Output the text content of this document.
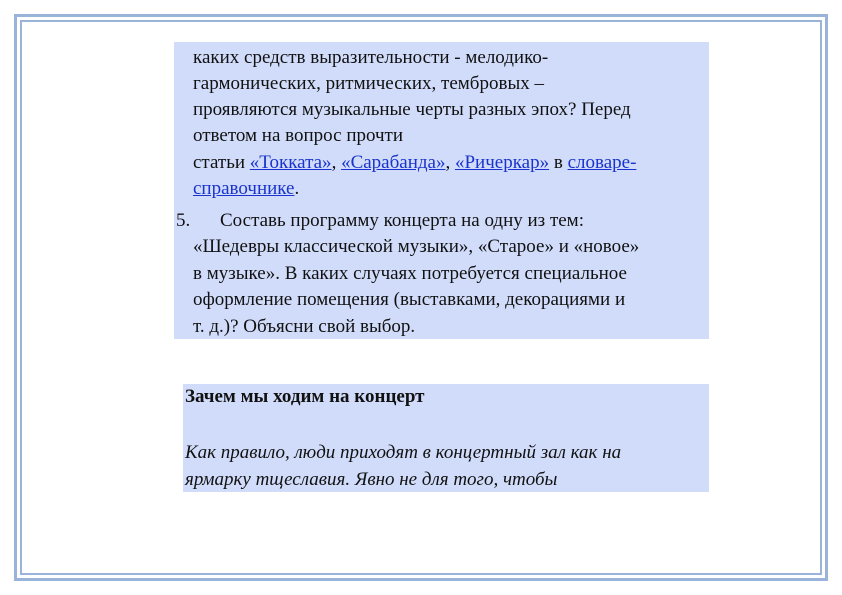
каких средств выразительности - мелодико-
гармонических, ритмических, тембровых –
проявляются музыкальные черты разных эпох? Перед
ответом на вопрос прочти
статьи «Токката», «Сарабанда», «Ричеркар» в словаре-
справочнике.
5. Составь программу концерта на одну из тем:
«Шедевры классической музыки», «Старое» и «новое»
в музыке». В каких случаях потребуется специальное
оформление помещения (выставками, декорациями и
т. д.)? Объясни свой выбор.
Зачем мы ходим на концерт
Как правило, люди приходят в концертный зал как на
ярмарку тщеславия. Явно не для того, чтобы
